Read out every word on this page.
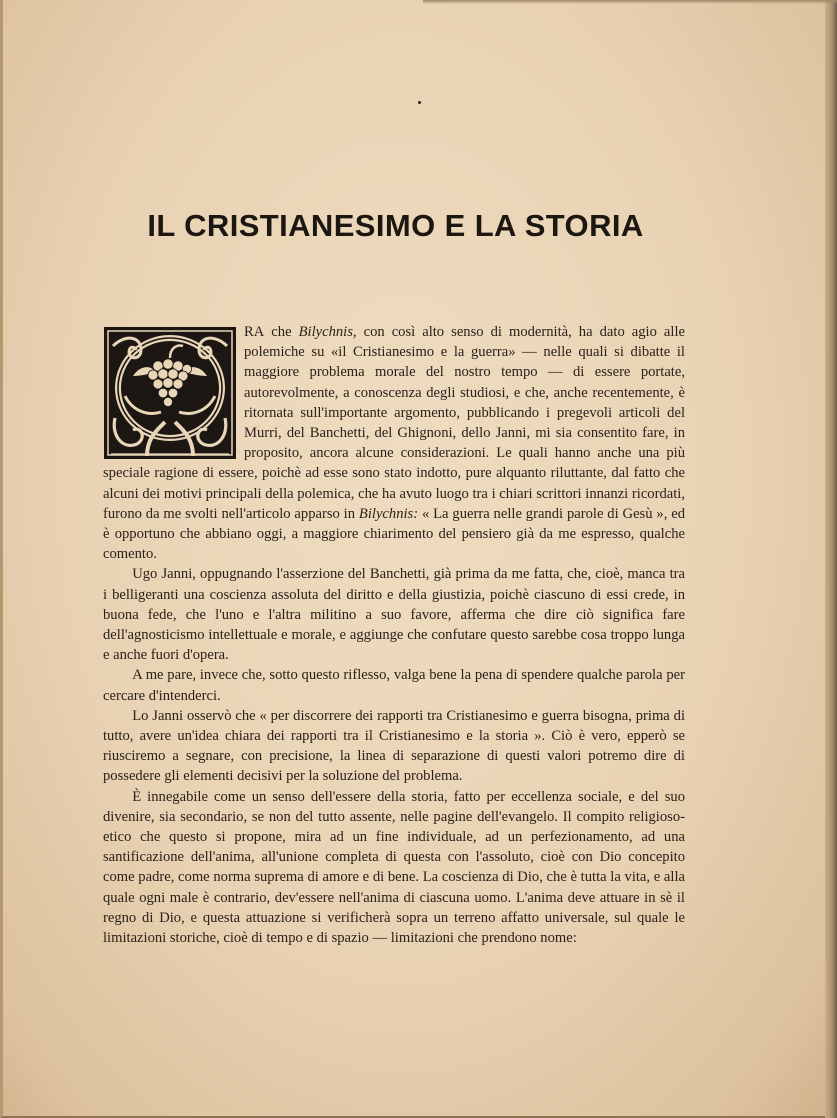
IL CRISTIANESIMO E LA STORIA

RA che Bilychnis, con così alto senso di modernità, ha dato agio alle polemiche su «il Cristianesimo e la guerra» — nelle quali si dibatte il maggiore problema morale del nostro tempo — di essere portate, autorevolmente, a conoscenza degli studiosi, e che, anche recentemente, è ritornata sull'importante argomento, pubblicando i pregevoli articoli del Murri, del Banchetti, del Ghignoni, dello Janni, mi sia consentito fare, in proposito, ancora alcune considerazioni. Le quali hanno anche una più speciale ragione di essere, poichè ad esse sono stato indotto, pure alquanto riluttante, dal fatto che alcuni dei motivi principali della polemica, che ha avuto luogo tra i chiari scrittori innanzi ricordati, furono da me svolti nell'articolo apparso in Bilychnis: « La guerra nelle grandi parole di Gesù », ed è opportuno che abbiano oggi, a maggiore chiarimento del pensiero già da me espresso, qualche comento.

Ugo Janni, oppugnando l'asserzione del Banchetti, già prima da me fatta, che, cioè, manca tra i belligeranti una coscienza assoluta del diritto e della giustizia, poichè ciascuno di essi crede, in buona fede, che l'uno e l'altra militino a suo favore, afferma che dire ciò significa fare dell'agnosticismo intellettuale e morale, e aggiunge che confutare questo sarebbe cosa troppo lunga e anche fuori d'opera.

A me pare, invece che, sotto questo riflesso, valga bene la pena di spendere qualche parola per cercare d'intenderci.

Lo Janni osservò che « per discorrere dei rapporti tra Cristianesimo e guerra bisogna, prima di tutto, avere un'idea chiara dei rapporti tra il Cristianesimo e la storia ». Ciò è vero, epperò se riusciremo a segnare, con precisione, la linea di separazione di questi valori potremo dire di possedere gli elementi decisivi per la soluzione del problema.

È innegabile come un senso dell'essere della storia, fatto per eccellenza sociale, e del suo divenire, sia secondario, se non del tutto assente, nelle pagine dell'evangelo. Il compito religioso-etico che questo si propone, mira ad un fine individuale, ad un perfezionamento, ad una santificazione dell'anima, all'unione completa di questa con l'assoluto, cioè con Dio concepito come padre, come norma suprema di amore e di bene. La coscienza di Dio, che è tutta la vita, e alla quale ogni male è contrario, dev'essere nell'anima di ciascuna uomo. L'anima deve attuare in sè il regno di Dio, e questa attuazione si verificherà sopra un terreno affatto universale, sul quale le limitazioni storiche, cioè di tempo e di spazio — limitazioni che prendono nome:
